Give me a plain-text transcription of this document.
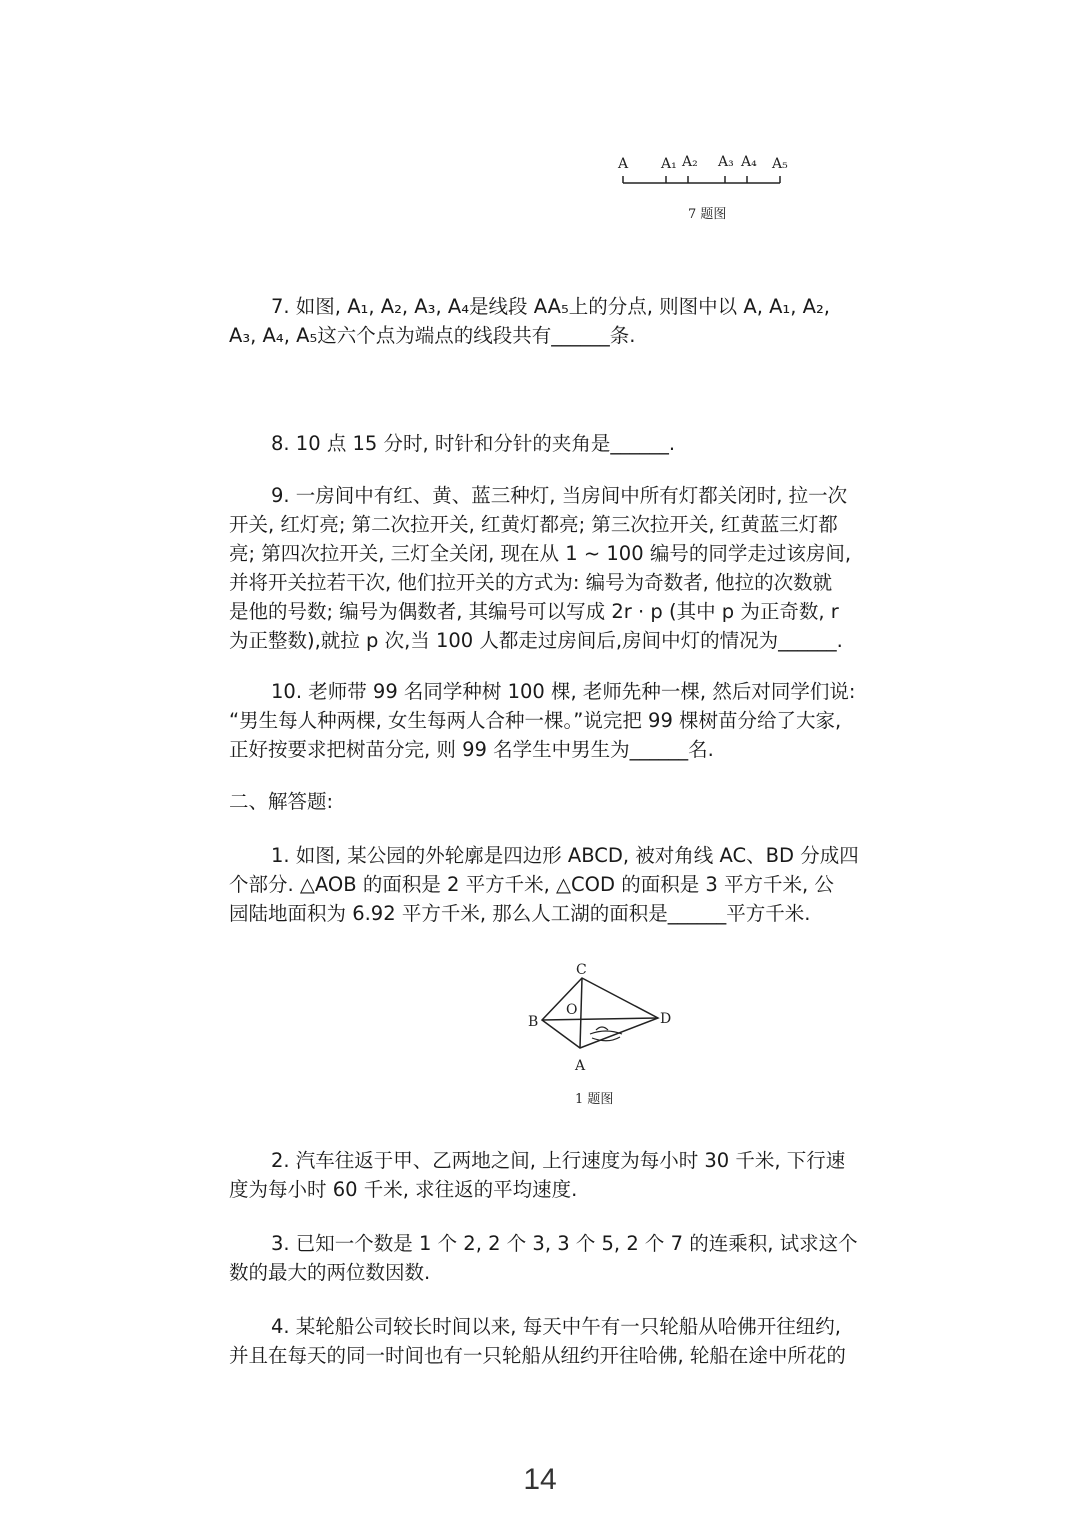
A A₁ A₂ A₃ A₄ A₅
7 题图

7. 如图, A₁, A₂, A₃, A₄是线段 AA₅上的分点, 则图中以 A, A₁, A₂,
A₃, A₄, A₅这六个点为端点的线段共有______条.

8. 10 点 15 分时, 时针和分针的夹角是______.

9. 一房间中有红、黄、蓝三种灯, 当房间中所有灯都关闭时, 拉一次
开关, 红灯亮; 第二次拉开关, 红黄灯都亮; 第三次拉开关, 红黄蓝三灯都
亮; 第四次拉开关, 三灯全关闭, 现在从 1 ~ 100 编号的同学走过该房间,
并将开关拉若干次, 他们拉开关的方式为: 编号为奇数者, 他拉的次数就
是他的号数; 编号为偶数者, 其编号可以写成 2r · p (其中 p 为正奇数, r
为正整数),就拉 p 次,当 100 人都走过房间后,房间中灯的情况为______.

10. 老师带 99 名同学种树 100 棵, 老师先种一棵, 然后对同学们说:
“男生每人种两棵, 女生每两人合种一棵。”说完把 99 棵树苗分给了大家,
正好按要求把树苗分完, 则 99 名学生中男生为______名.

二、解答题:

1. 如图, 某公园的外轮廓是四边形 ABCD, 被对角线 AC、BD 分成四
个部分. △AOB 的面积是 2 平方千米, △COD 的面积是 3 平方千米, 公
园陆地面积为 6.92 平方千米, 那么人工湖的面积是______平方千米.

C
O
B	D
A
1 题图

2. 汽车往返于甲、乙两地之间, 上行速度为每小时 30 千米, 下行速
度为每小时 60 千米, 求往返的平均速度.

3. 已知一个数是 1 个 2, 2 个 3, 3 个 5, 2 个 7 的连乘积, 试求这个
数的最大的两位数因数.

4. 某轮船公司较长时间以来, 每天中午有一只轮船从哈佛开往纽约,
并且在每天的同一时间也有一只轮船从纽约开往哈佛, 轮船在途中所花的

14
